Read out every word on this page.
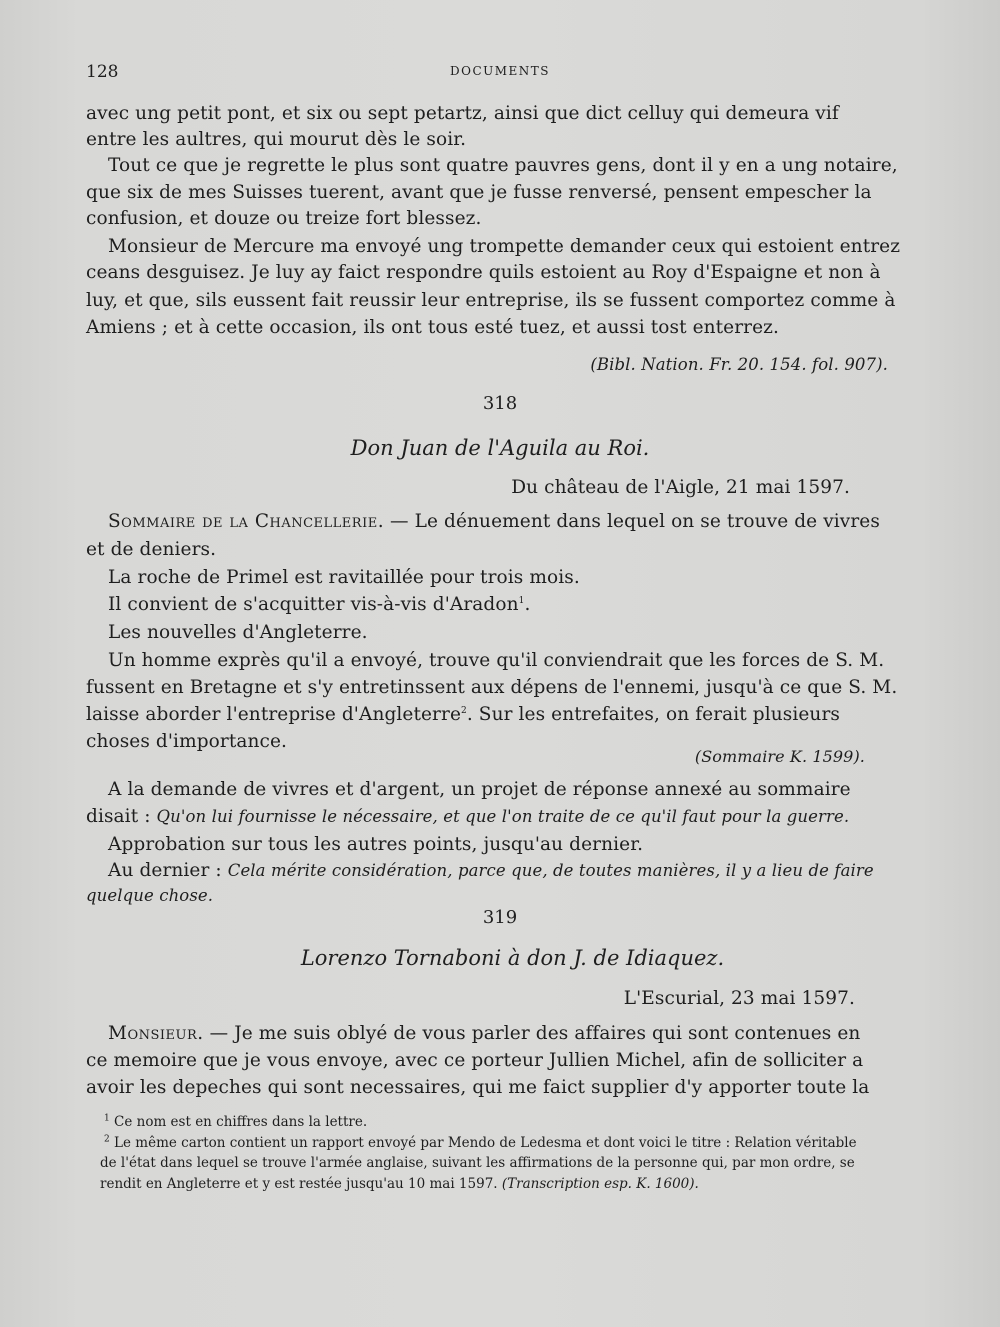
128	DOCUMENTS
avec ung petit pont, et six ou sept petartz, ainsi que dict celluy qui demeura vif
entre les aultres, qui mourut dès le soir.
Tout ce que je regrette le plus sont quatre pauvres gens, dont il y en a ung notaire,
que six de mes Suisses tuerent, avant que je fusse renversé, pensent empescher la
confusion, et douze ou treize fort blessez.
Monsieur de Mercure ma envoyé ung trompette demander ceux qui estoient entrez
ceans desguisez. Je luy ay faict respondre quils estoient au Roy d'Espaigne et non à
luy, et que, sils eussent fait reussir leur entreprise, ils se fussent comportez comme à
Amiens ; et à cette occasion, ils ont tous esté tuez, et aussi tost enterrez.
(Bibl. Nation. Fr. 20. 154. fol. 907).
318
Don Juan de l'Aguila au Roi.
Du château de l'Aigle, 21 mai 1597.
Sommaire de la Chancellerie. — Le dénuement dans lequel on se trouve de vivres
et de deniers.
La roche de Primel est ravitaillée pour trois mois.
Il convient de s'acquitter vis-à-vis d'Aradon$^1$.
Les nouvelles d'Angleterre.
Un homme exprès qu'il a envoyé, trouve qu'il conviendrait que les forces de S. M.
fussent en Bretagne et s'y entretinssent aux dépens de l'ennemi, jusqu'à ce que S. M.
laisse aborder l'entreprise d'Angleterre$^2$. Sur les entrefaites, on ferait plusieurs
choses d'importance.
(Sommaire K. 1599).
A la demande de vivres et d'argent, un projet de réponse annexé au sommaire
disait : Qu'on lui fournisse le nécessaire, et que l'on traite de ce qu'il faut pour la guerre.
Approbation sur tous les autres points, jusqu'au dernier.
Au dernier : Cela mérite considération, parce que, de toutes manières, il y a lieu de faire
quelque chose.
319
Lorenzo Tornaboni à don J. de Idiaquez.
L'Escurial, 23 mai 1597.
Monsieur. — Je me suis oblyé de vous parler des affaires qui sont contenues en
ce memoire que je vous envoye, avec ce porteur Jullien Michel, afin de solliciter a
avoir les depeches qui sont necessaires, qui me faict supplier d'y apporter toute la
$^1$ Ce nom est en chiffres dans la lettre.
$^2$ Le même carton contient un rapport envoyé par Mendo de Ledesma et dont voici le titre : Relation véritable
de l'état dans lequel se trouve l'armée anglaise, suivant les affirmations de la personne qui, par mon ordre, se
rendit en Angleterre et y est restée jusqu'au 10 mai 1597. (Transcription esp. K. 1600).
